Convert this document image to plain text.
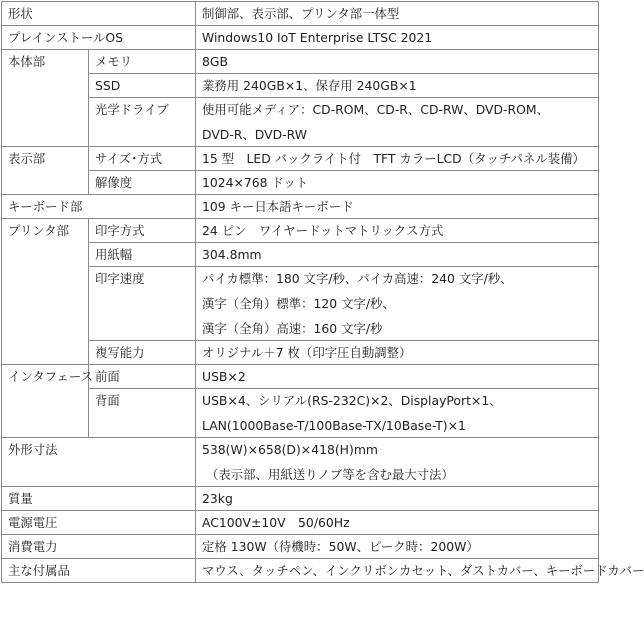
形状		制御部、表示部、プリンタ部一体型
プレインストールOS		Windows10 IoT Enterprise LTSC 2021
本体部	メモリ	8GB
	SSD	業務用 240GB×1、保存用 240GB×1
	光学ドライブ	使用可能メディア：CD-ROM、CD-R、CD-RW、DVD-ROM、
DVD-R、DVD-RW

表示部	サイズ･方式	15 型　LED バックライト付　TFT カラーLCD（タッチパネル装備）
	解像度	1024×768 ドット
キーボード部		109 キー日本語キーボード
プリンタ部	印字方式	24 ピン　ワイヤードットマトリックス方式
	用紙幅	304.8mm
	印字速度	パイカ標準：180 文字/秒、パイカ高速：240 文字/秒、
漢字（全角）標準：120 文字/秒、
漢字（全角）高速：160 文字/秒

	複写能力	オリジナル＋7 枚（印字圧自動調整）
インタフェース	前面	USB×2
	背面	USB×4、シリアル(RS-232C)×2、DisplayPort×1、
LAN(1000Base-T/100Base-TX/10Base-T)×1

外形寸法		538(W)×658(D)×418(H)mm
（表示部、用紙送りノブ等を含む最大寸法）

質量		23kg
電源電圧		AC100V±10V　50/60Hz
消費電力		定格 130W（待機時：50W、ピーク時：200W）
主な付属品		マウス、タッチペン、インクリボンカセット、ダストカバー、キーボードカバー
